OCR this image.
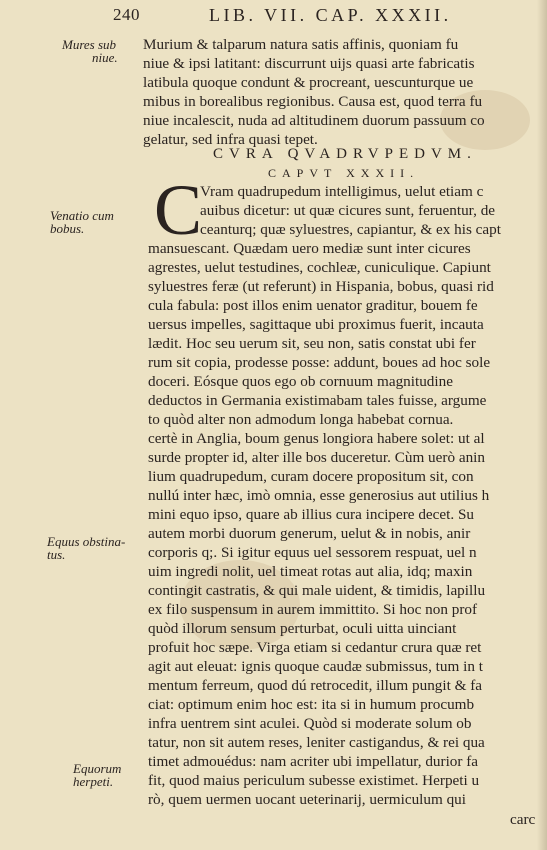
240	LIB. VII. CAP. XXXII.
Mures sub
niue.
Venatio cum
bobus.
Equus obstina-
tus.
Equorum
herpeti.
Murium & talparum natura satis affinis, quoniam fu
niue & ipsi latitant: discurrunt uijs quasi arte fabricatis
latibula quoque condunt & procreant, uescunturque ue
mibus in borealibus regionibus. Causa est, quod terra fu
niue incalescit, nuda ad altitudinem duorum passuum co
gelatur, sed infra quasi tepet.
CVRA QVADRVPEDVM.
CAPVT XXXII.
C
Vram quadrupedum intelligimus, uelut etiam c
auibus dicetur: ut quæ cicures sunt, feruentur, de
ceanturq; quæ syluestres, capiantur, & ex his capt
mansuescant. Quædam uero mediæ sunt inter cicures
agrestes, uelut testudines, cochleæ, cuniculique. Capiunt
syluestres feræ (ut referunt) in Hispania, bobus, quasi rid
cula fabula: post illos enim uenator graditur, bouem fe
uersus impelles, sagittaque ubi proximus fuerit, incauta
lædit. Hoc seu uerum sit, seu non, satis constat ubi fer
rum sit copia, prodesse posse: addunt, boues ad hoc sole
doceri. Eósque quos ego ob cornuum magnitudine
deductos in Germania existimabam tales fuisse, argume
to quòd alter non admodum longa habebat cornua.
certè in Anglia, boum genus longiora habere solet: ut al
surde propter id, alter ille bos duceretur. Cùm uerò anin
lium quadrupedum, curam docere propositum sit, con
nullú inter hæc, imò omnia, esse generosius aut utilius h
mini equo ipso, quare ab illius cura incipere decet. Su
autem morbi duorum generum, uelut & in nobis, anir
corporis q;. Si igitur equus uel sessorem respuat, uel n
uim ingredi nolit, uel timeat rotas aut alia, idq; maxin
contingit castratis, & qui male uident, & timidis, lapillu
ex filo suspensum in aurem immittito. Si hoc non prof
quòd illorum sensum perturbat, oculi uitta uinciant
profuit hoc sæpe. Virga etiam si cedantur crura quæ ret
agit aut eleuat: ignis quoque caudæ submissus, tum in t
mentum ferreum, quod dú retrocedit, illum pungit & fa
ciat: optimum enim hoc est: ita si in humum procumb
infra uentrem sint aculei. Quòd si moderate solum ob
tatur, non sit autem reses, leniter castigandus, & rei qua
timet admouédus: nam acriter ubi impellatur, durior fa
fit, quod maius periculum subesse existimet. Herpeti u
rò, quem uermen uocant ueterinarij, uermiculum qui
carc
